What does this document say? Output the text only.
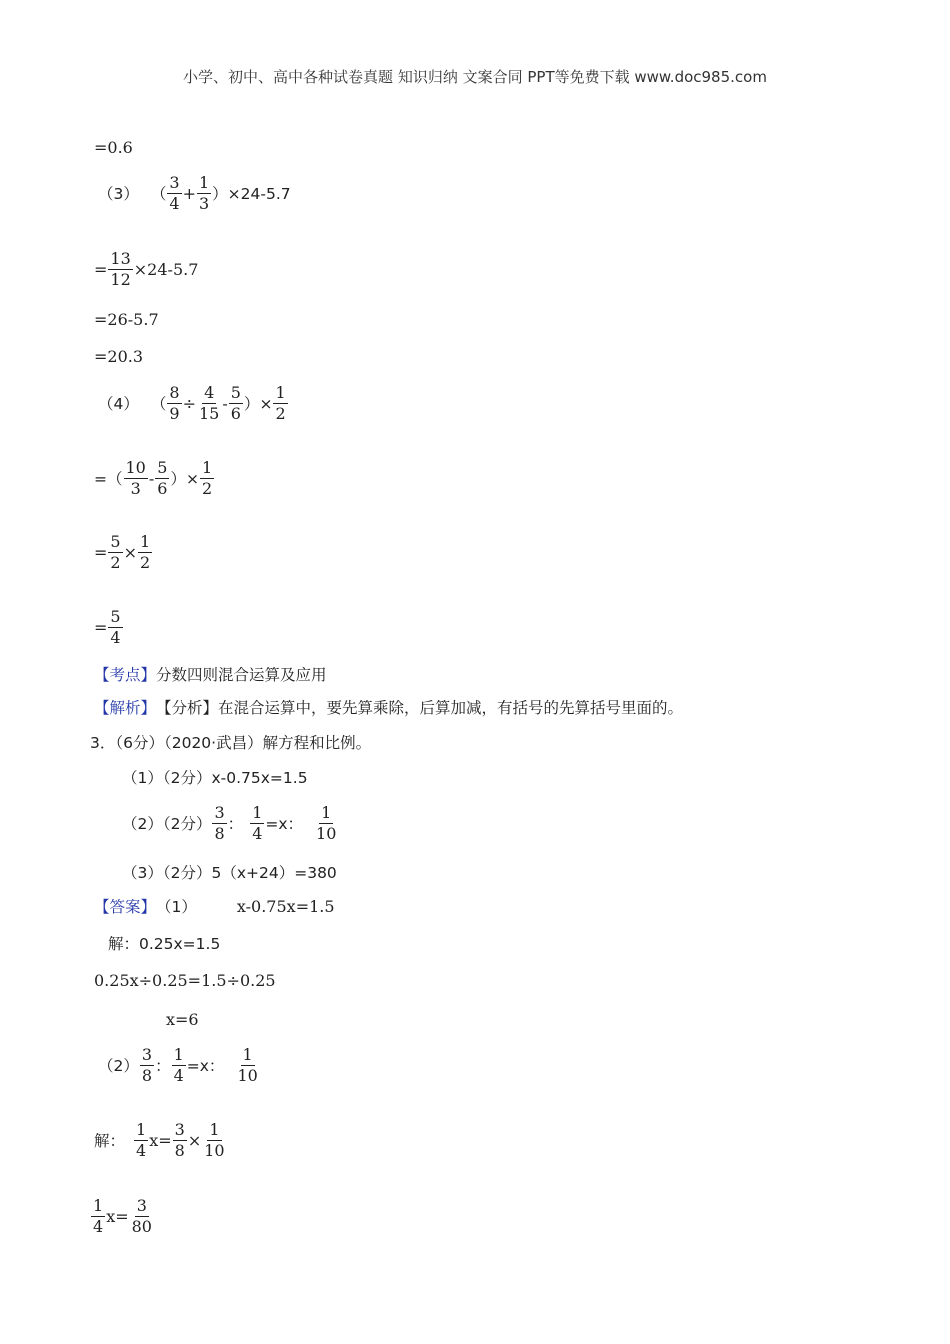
小学、初中、高中各种试卷真题 知识归纳 文案合同 PPT等免费下载 www.doc985.com
=0.6
（3） （ $\frac{3}{4} + \frac{1}{3} )\times 24-5.7$
= $\frac{13}{12} \times 24-5.7$
=26-5.7
=20.3
（4） （ $\frac{8}{9} \div \frac{4}{15} - \frac{5}{6}$ ）× $\frac{1}{2}$
=（ $\frac{10}{3} - \frac{5}{6}$ ）× $\frac{1}{2}$
= $\frac{5}{2} \times \frac{1}{2}$
= $\frac{5}{4}$
【考点】 分数四则混合运算及应用
【解析】 【分析】在混合运算中，要先算乘除，后算加减，有括号的先算括号里面的。
3．（6分）（2020·武昌）解方程和比例。
（1）（2分）x-0.75x=1.5
（2）（2分） $\frac{3}{8}$ ： $\frac{1}{4} =x$： $\frac{1}{10}$
（3）（2分）5（x+24）=380
【答案】 （1）	x-0.75x=1.5
解：0.25x=1.5
0.25x÷0.25=1.5÷0.25
x=6
$(2) \frac{3}{8}$ ： $\frac{1}{4} =x$： $\frac{1}{10}$
解： $\frac{1}{4} x= \frac{3}{8} \times \frac{1}{10}$
$\frac{1}{4} x= \frac{3}{80}$
